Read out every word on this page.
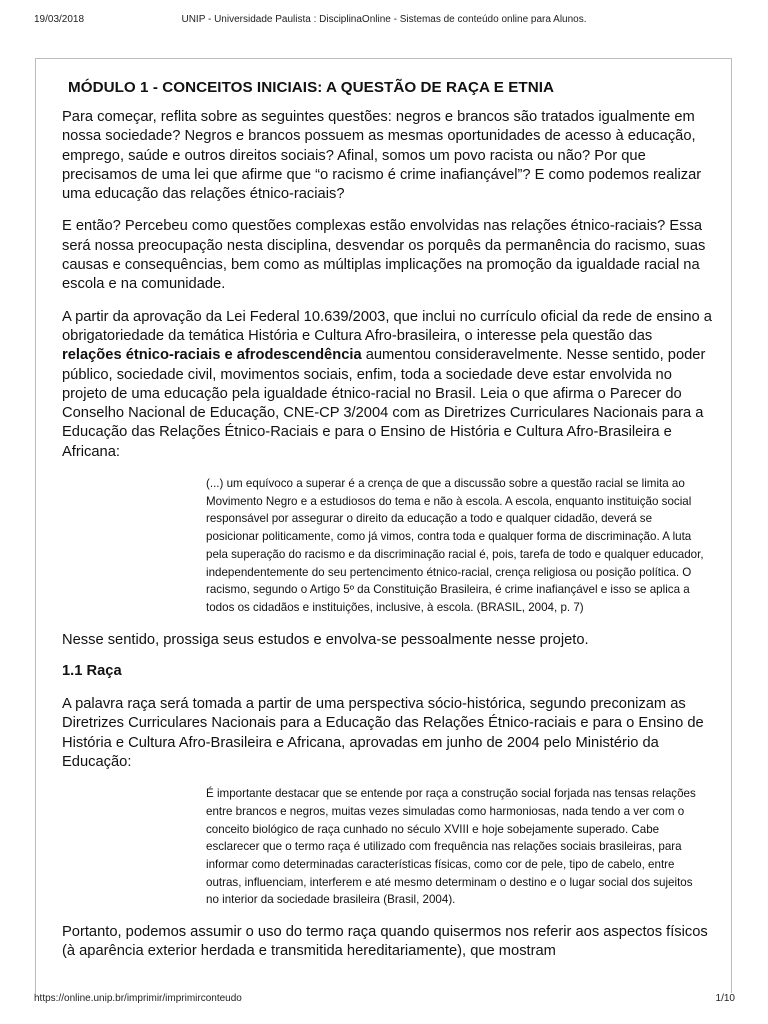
19/03/2018	UNIP - Universidade Paulista : DisciplinaOnline - Sistemas de conteúdo online para Alunos.
MÓDULO 1 - CONCEITOS INICIAIS: A QUESTÃO DE RAÇA E ETNIA

Para começar, reflita sobre as seguintes questões: negros e brancos são tratados igualmente em nossa sociedade? Negros e brancos possuem as mesmas oportunidades de acesso à educação, emprego, saúde e outros direitos sociais? Afinal, somos um povo racista ou não? Por que precisamos de uma lei que afirme que “o racismo é crime inafiançável”? E como podemos realizar uma educação das relações étnico-raciais?

E então? Percebeu como questões complexas estão envolvidas nas relações étnico-raciais? Essa será nossa preocupação nesta disciplina, desvendar os porquês da permanência do racismo, suas causas e consequências, bem como as múltiplas implicações na promoção da igualdade racial na escola e na comunidade.

A partir da aprovação da Lei Federal 10.639/2003, que inclui no currículo oficial da rede de ensino a obrigatoriedade da temática História e Cultura Afro-brasileira, o interesse pela questão das relações étnico-raciais e afrodescendência aumentou consideravelmente. Nesse sentido, poder público, sociedade civil, movimentos sociais, enfim, toda a sociedade deve estar envolvida no projeto de uma educação pela igualdade étnico-racial no Brasil. Leia o que afirma o Parecer do Conselho Nacional de Educação, CNE-CP 3/2004 com as Diretrizes Curriculares Nacionais para a Educação das Relações Étnico-Raciais e para o Ensino de História e Cultura Afro-Brasileira e Africana:

(...) um equívoco a superar é a crença de que a discussão sobre a questão racial se limita ao Movimento Negro e a estudiosos do tema e não à escola. A escola, enquanto instituição social responsável por assegurar o direito da educação a todo e qualquer cidadão, deverá se posicionar politicamente, como já vimos, contra toda e qualquer forma de discriminação. A luta pela superação do racismo e da discriminação racial é, pois, tarefa de todo e qualquer educador, independentemente do seu pertencimento étnico-racial, crença religiosa ou posição política. O racismo, segundo o Artigo 5º da Constituição Brasileira, é crime inafiançável e isso se aplica a todos os cidadãos e instituições, inclusive, à escola. (BRASIL, 2004, p. 7)

Nesse sentido, prossiga seus estudos e envolva-se pessoalmente nesse projeto.

1.1 Raça

A palavra raça será tomada a partir de uma perspectiva sócio-histórica, segundo preconizam as Diretrizes Curriculares Nacionais para a Educação das Relações Étnico-raciais e para o Ensino de História e Cultura Afro-Brasileira e Africana, aprovadas em junho de 2004 pelo Ministério da Educação:

É importante destacar que se entende por raça a construção social forjada nas tensas relações entre brancos e negros, muitas vezes simuladas como harmoniosas, nada tendo a ver com o conceito biológico de raça cunhado no século XVIII e hoje sobejamente superado. Cabe esclarecer que o termo raça é utilizado com frequência nas relações sociais brasileiras, para informar como determinadas características físicas, como cor de pele, tipo de cabelo, entre outras, influenciam, interferem e até mesmo determinam o destino e o lugar social dos sujeitos no interior da sociedade brasileira (Brasil, 2004).

Portanto, podemos assumir o uso do termo raça quando quisermos nos referir aos aspectos físicos (à aparência exterior herdada e transmitida hereditariamente), que mostram

https://online.unip.br/imprimir/imprimirconteudo	1/10
